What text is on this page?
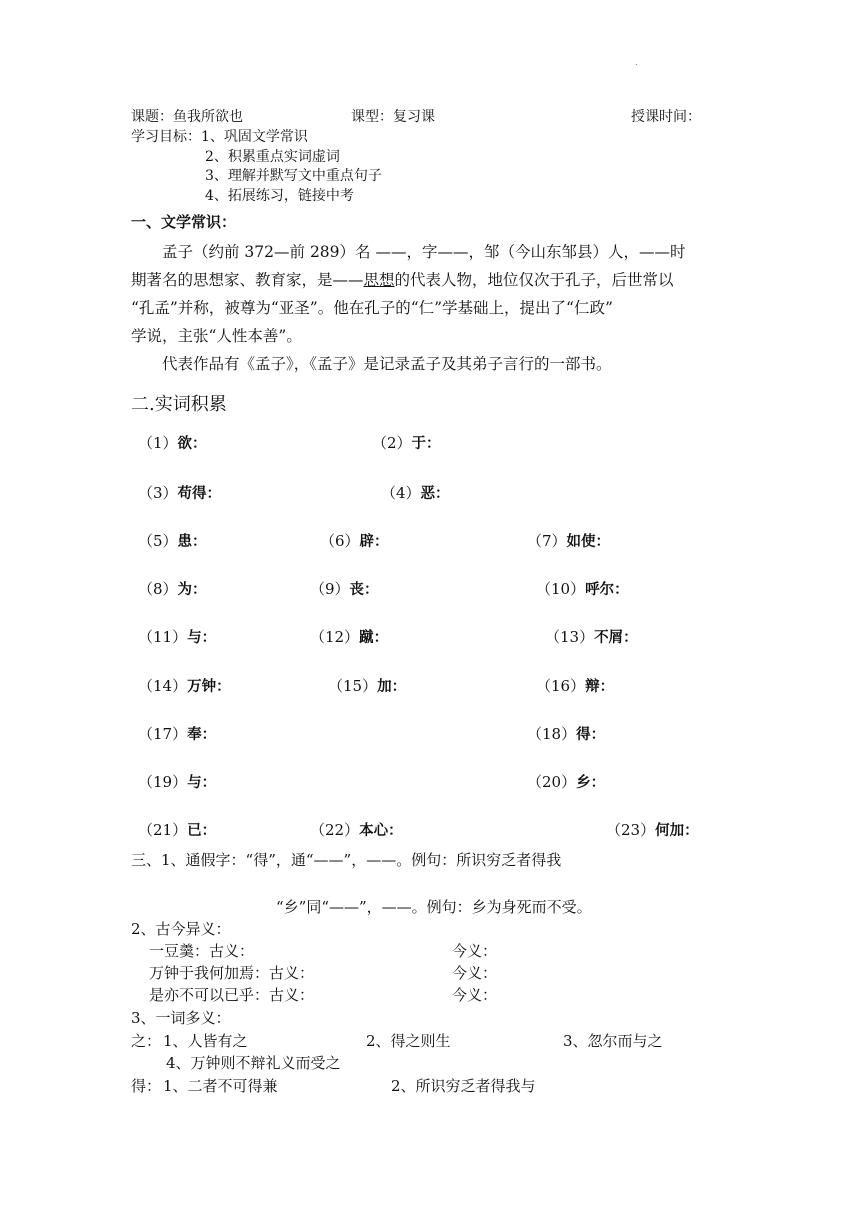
.
课题：鱼我所欲也	课型：复习课	授课时间：
学习目标： 1、巩固文学常识
2、积累重点实词虚词
3、理解并默写文中重点句子
4、拓展练习，链接中考
一、文学常识：
孟子（约前 372—前 289）名 ——，字——，邹（今山东邹县）人，——时
期著名的思想家、教育家，是——思想的代表人物，地位仅次于孔子，后世常以
“孔孟”并称，被尊为“亚圣”。他在孔子的“仁”学基础上，提出了“仁政”
学说，主张“人性本善”。
代表作品有《孟子》，《孟子》是记录孟子及其弟子言行的一部书。
二.实词积累
（1）欲：	（2）于：
（3）苟得：	（4）恶：
（5）患：	（6）辟：	（7）如使：
（8）为：	（9）丧：	（10）呼尔：
（11）与：	（12）蹴：	（13）不屑：
（14）万钟：	（15）加：	（16）辩：
（17）奉：	（18）得：
（19）与：	（20）乡：
（21）已：	（22）本心：	（23）何加：
三、1、通假字：“得”，通“——”，——。例句：所识穷乏者得我
“乡”同“——”，——。例句：乡为身死而不受。
2、古今异义：
一豆羹：古义：	今义：
万钟于我何加焉：古义：	今义：
是亦不可以已乎：古义：	今义：
3、一词多义：
之： 1、人皆有之	2、得之则生	3、忽尔而与之
4、万钟则不辩礼义而受之
得： 1、二者不可得兼	2、所识穷乏者得我与
